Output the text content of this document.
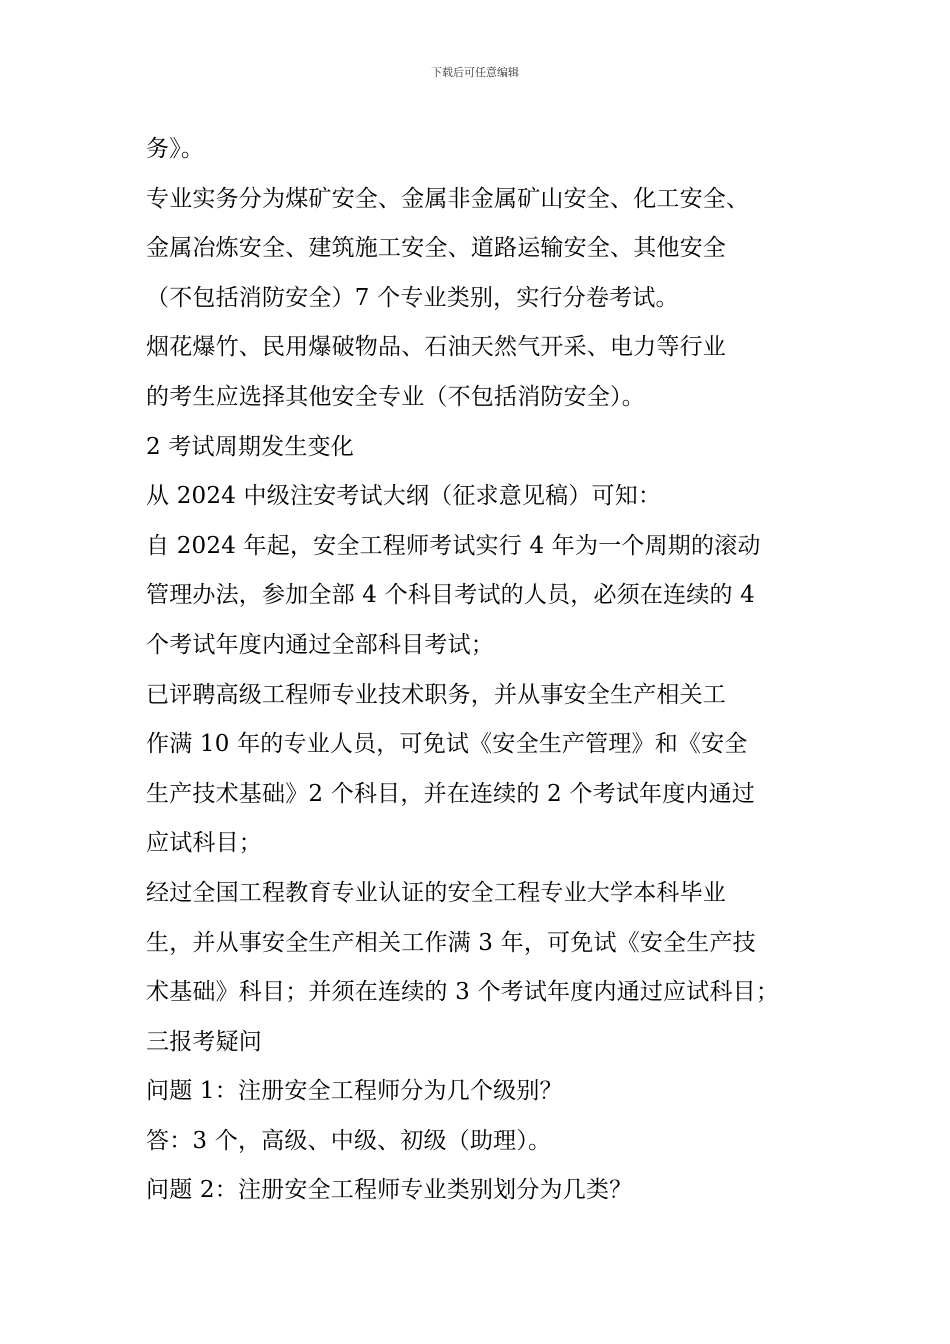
下载后可任意编辑
务》。
专业实务分为煤矿安全、金属非金属矿山安全、化工安全、
金属冶炼安全、建筑施工安全、道路运输安全、其他安全
（不包括消防安全）7 个专业类别，实行分卷考试。
烟花爆竹、民用爆破物品、石油天然气开采、电力等行业
的考生应选择其他安全专业（不包括消防安全）。
2 考试周期发生变化
从 2024 中级注安考试大纲（征求意见稿）可知：
自 2024 年起，安全工程师考试实行 4 年为一个周期的滚动
管理办法，参加全部 4 个科目考试的人员，必须在连续的 4
个考试年度内通过全部科目考试；
已评聘高级工程师专业技术职务，并从事安全生产相关工
作满 10 年的专业人员，可免试《安全生产管理》和《安全
生产技术基础》2 个科目，并在连续的 2 个考试年度内通过
应试科目；
经过全国工程教育专业认证的安全工程专业大学本科毕业
生，并从事安全生产相关工作满 3 年，可免试《安全生产技
术基础》科目；并须在连续的 3 个考试年度内通过应试科目；
三报考疑问
问题 1：注册安全工程师分为几个级别？
答：3 个，高级、中级、初级（助理）。
问题 2：注册安全工程师专业类别划分为几类？
